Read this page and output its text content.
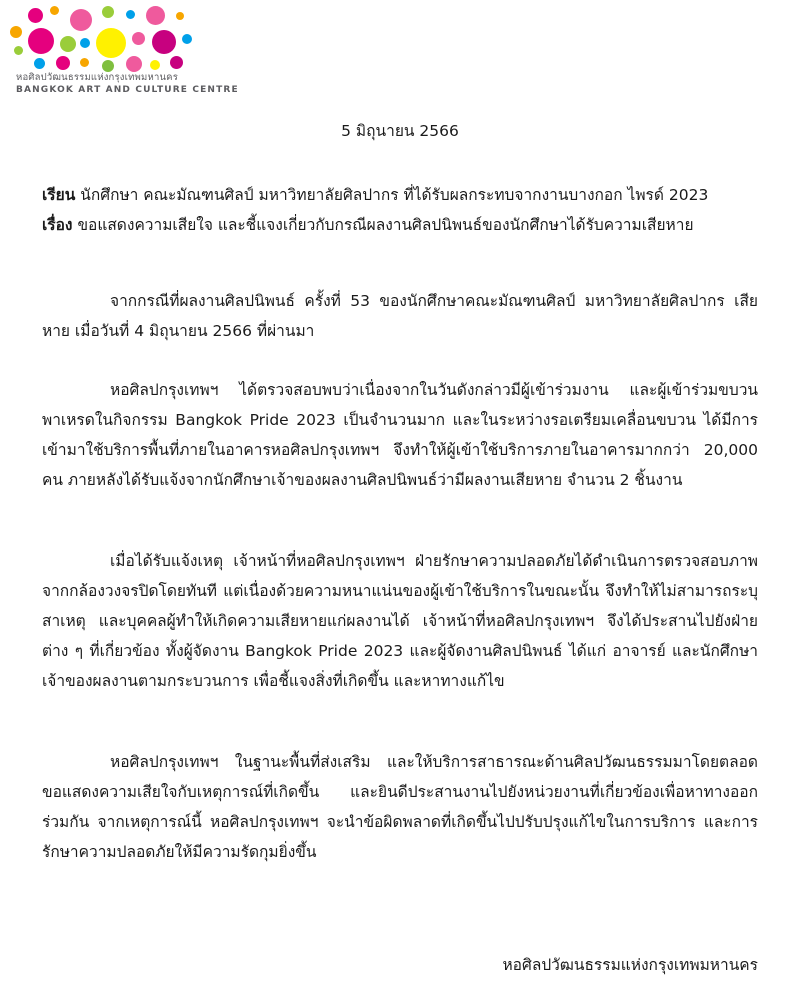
หอศิลปวัฒนธรรมแห่งกรุงเทพมหานคร
BANGKOK ART AND CULTURE CENTRE
5 มิถุนายน 2566
เรียน นักศึกษา คณะมัณฑนศิลป์ มหาวิทยาลัยศิลปากร ที่ได้รับผลกระทบจากงานบางกอก ไพรด์ 2023
เรื่อง ขอแสดงความเสียใจ และชี้แจงเกี่ยวกับกรณีผลงานศิลปนิพนธ์ของนักศึกษาได้รับความเสียหาย
จากกรณีที่ผลงานศิลปนิพนธ์ ครั้งที่ 53 ของนักศึกษาคณะมัณฑนศิลป์ มหาวิทยาลัยศิลปากร เสียหาย เมื่อวันที่ 4 มิถุนายน 2566 ที่ผ่านมา
หอศิลปกรุงเทพฯ ได้ตรวจสอบพบว่าเนื่องจากในวันดังกล่าวมีผู้เข้าร่วมงาน และผู้เข้าร่วมขบวนพาเหรดในกิจกรรม Bangkok Pride 2023 เป็นจำนวนมาก และในระหว่างรอเตรียมเคลื่อนขบวน ได้มีการเข้ามาใช้บริการพื้นที่ภายในอาคารหอศิลปกรุงเทพฯ จึงทำให้ผู้เข้าใช้บริการภายในอาคารมากกว่า 20,000 คน ภายหลังได้รับแจ้งจากนักศึกษาเจ้าของผลงานศิลปนิพนธ์ว่ามีผลงานเสียหาย จำนวน 2 ชิ้นงาน
เมื่อได้รับแจ้งเหตุ เจ้าหน้าที่หอศิลปกรุงเทพฯ ฝ่ายรักษาความปลอดภัยได้ดำเนินการตรวจสอบภาพจากกล้องวงจรปิดโดยทันที แต่เนื่องด้วยความหนาแน่นของผู้เข้าใช้บริการในขณะนั้น จึงทำให้ไม่สามารถระบุสาเหตุ และบุคคลผู้ทำให้เกิดความเสียหายแก่ผลงานได้ เจ้าหน้าที่หอศิลปกรุงเทพฯ จึงได้ประสานไปยังฝ่ายต่าง ๆ ที่เกี่ยวข้อง ทั้งผู้จัดงาน Bangkok Pride 2023 และผู้จัดงานศิลปนิพนธ์ ได้แก่ อาจารย์ และนักศึกษาเจ้าของผลงานตามกระบวนการ เพื่อชี้แจงสิ่งที่เกิดขึ้น และหาทางแก้ไข
หอศิลปกรุงเทพฯ ในฐานะพื้นที่ส่งเสริม และให้บริการสาธารณะด้านศิลปวัฒนธรรมมาโดยตลอด ขอแสดงความเสียใจกับเหตุการณ์ที่เกิดขึ้น และยินดีประสานงานไปยังหน่วยงานที่เกี่ยวข้องเพื่อหาทางออกร่วมกัน จากเหตุการณ์นี้ หอศิลปกรุงเทพฯ จะนำข้อผิดพลาดที่เกิดขึ้นไปปรับปรุงแก้ไขในการบริการ และการรักษาความปลอดภัยให้มีความรัดกุมยิ่งขึ้น
หอศิลปวัฒนธรรมแห่งกรุงเทพมหานคร
